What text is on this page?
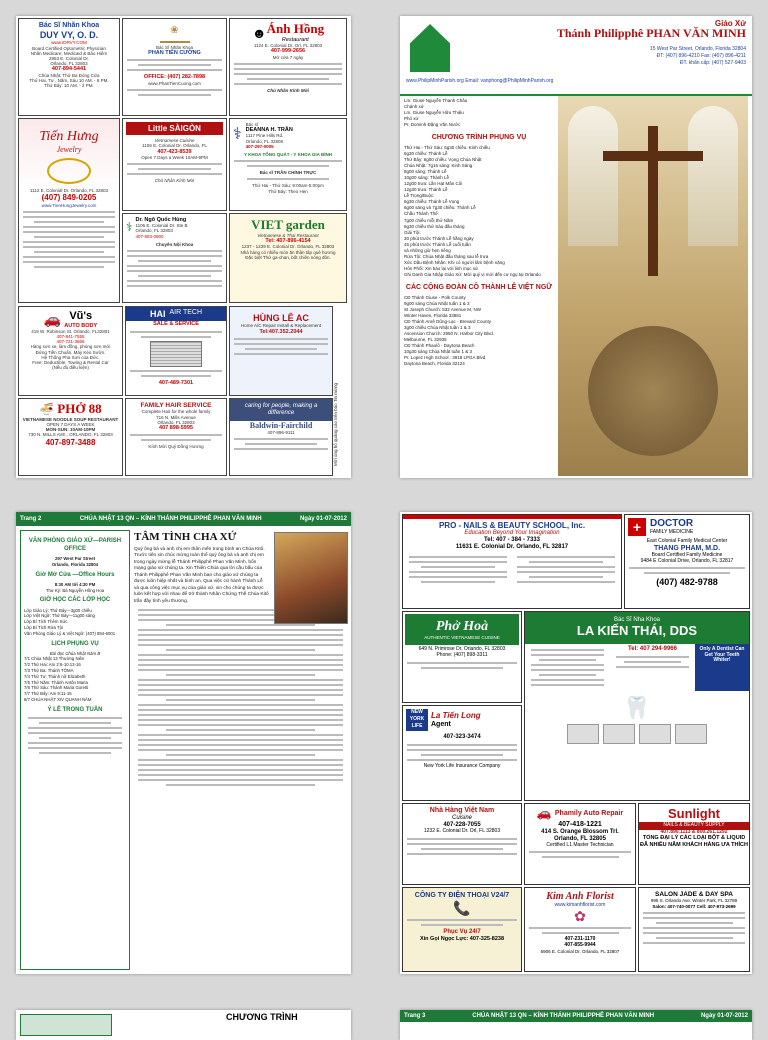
Bác Sĩ Nhãn Khoa
DUY VY, O. D.
www.IDRVY.COM
Board Certified Optometric Physician
Nhãn Medicare, Medicaid & Bảo Hiểm
2953 E. Colonial Dr.
Orlando, FL 32803
407-894-5441
Chủa Nhật, Thứ Ba Đóng Cửa
Thứ Hai, Tư , Năm, Sáu 10 AM. - 6 PM.
Thứ Bảy: 10 AM. - 2 PM.
❀
Bác Sĩ Nhãn Khoa
PHAN TIẾN CƯỜNG
OFFICE: (407) 282-7898
www.PhanTienCuong.com
☻ Ánh Hồng
Restaurant
1124 E. Colonial Dr. Orl, FL 32803
407-999-2656
Mở cửa 7 ngày
Chủ Nhân Kính Mời
Tiến Hưng
Jewelry
1112 E. Colonial Dr. Orlando, FL 32803
(407) 849-0205
www.TienHungJewelry.com
Little SÀIGÒN
Vietnamese Cuisine
1106 E. Colonial Dr. Orlando, FL
407-423-8539
Open 7 Days a Week 10AM-9PM
Chủ Nhân Kính Mời
⚕
Bác sĩ
DEANNA H. TRẦN
1117 Pine Hills Rd.
Orlando, FL 32808
407-297-0005
Y KHOA TỔNG QUÁT - Y KHOA GIA ĐÌNH
Bác sĩ TRẦN CHÍNH TRỰC
Thứ Hai - Thứ Sáu: 9:00am-5:00pm
Thứ Bảy: Theo Hẹn
⚕
Dr. Ngô Quốc Hùng
1106 E. Colonial Dr. Ste B
Orlando, FL 32803
407-893-0900
Chuyên Nội Khoa
VIET garden
Vietnamese & Thai Restaurant
Tel: 407-896-4154
1237 - 1239 E. Colonial Dr. Orlando, FL 32803
Nhà hàng có nhiều món ăn thân tâp quê hương
Đặc biệt Thứ ga-chan, bốt chiên nóng đôn.
🚗 Vũ's
AUTO BODY
419 W. Robinson St. Orlando, FL32801
407-841-7555
407-721-3666
Hàng sơn xe, làm đồng, phùng sơn mới
Đứng Tiền Chuẩn. Máy Kéo Sườn.
Hệ Thống Pha Sơn của Đức.
Free: Deductible, Towing & Rental Car
(Nếu đủ điều kiện)
HAI AIR TECH
SALE & SERVICE
407-489-7301
HÙNG LÊ AC
Home A/C Repair Install & Replacement
Tel:407.352.2044
🍜 PHỞ 88
VIETNAMESE NOODLE SOUP RESTAURANT
OPEN 7 DAYS A WEEK
MON-SUN: 10AM-10PM
730 N. MILLS AVE., ORLANDO, FL 32803
407-897-3488
FAMILY HAIR SERVICE
Complete Hair for the whole family
716 N. Mills Avenue
Orlando, FL 32803
407 898-5995
Kính Mời Quý Đồng Hương
caring for people, making a difference
Baldwin-Fairchild
407-896-9111	Mời ủng hộ quảng cáo trên báo Tin mừng
Giáo Xứ
Thánh Philipphê PHAN VĂN MINH
15 West Par Street, Orlando, Florida 32804
ĐT: (407) 896-4210 Fax: (407) 896-4211
ĐT. khẩn cấp: (407) 527-9403
www.PhilipMinhParish.org Email: vanphong@PhilipMinhParish.org
Lm. Giuse Nguyễn Thanh Châu
Chánh xứ
Lm. Giuse Nguyễn Hữu Thiệu
Phó xứ
Pr. Dominh Đặng Văn Nước
CHƯƠNG TRÌNH PHỤNG VỤ
Thứ Hai - Thứ Sáu: 6g30 chiều: Kinh chiều
6g30 chiều: Thánh Lễ
Thứ Bảy: 6g00 chiều: Vọng Chúa Nhật
Chúa Nhật: 7g15 sáng: Kinh Sáng
8g00 sáng: Thánh Lễ
10g00 sáng: Thánh Lễ
12g00 trưa: Lần Hạt Mân Côi
12g30 trưa: Thánh Lễ
Lễ Trọng/Buộc:
6g30 chiều: Thánh Lễ Vọng
6g00 sáng và 7g30 chiều: Thánh Lễ
Chầu Thánh Thể:
7g00 chiều mỗi thứ Năm
6g30 chiều thứ Sáu đầu tháng
Giải Tội:
30 phút trước Thánh Lễ hằng ngày
45 phút trước Thánh Lễ cuối tuần
và những giờ hẹn riêng
Rửa Tội: Chúa Nhật đầu tháng sau lễ trưa
Xức Dầu Bệnh Nhân: Khi có người lâm bệnh nặng
Hôn Phối: Xin báo lại với linh mục xứ
Ghi Danh Gia Nhập Giáo Xứ: Mời quý vị mới đến cư ngụ tại Orlando
CÁC CỘNG ĐOÀN CÔ THÀNH LỄ VIỆT NGỮ
CĐ Thánh Giuse - Polk County
9g00 sáng Chúa Nhật tuần 1 & 3
St Joseph Church: 532 Avenue M, NW
Winter Haven, Florida 33881
CĐ Thánh Anrê Dũng-Lạc - Brevard County
3g00 chiều Chúa Nhật tuần 1 & 3
Ascension Church: 2950 N. Harbor City Blvd.
Melbourne, FL 32935
CĐ Thánh Phaolô - Daytona Beach
10g30 sáng Chúa Nhật tuần 1 & 3
Pr. Lopez High School : 3918 LPGA Blvd.
Daytona Beach, Florida 32124
Trang 2	CHÚA NHẬT 13 QN – KÍNH THÁNH PHILIPPHÊ PHAN VĂN MINH	Ngày 01-07-2012
VĂN PHÒNG GIÁO XỨ—PARISH OFFICE
297 West Par Street
Orlando, Florida 32804
Giờ Mở Cửa —Office Hours
8:30 AM tới 4:30 PM
Thư Ký: Bà Nguyễn Hồng Hoa
GIỜ HỌC CÁC LỚP HỌC
Lớp Giáo Lý: Thứ Bảy—3g00 chiều
Lớp Việt Ngữ: Thứ Bảy—11g00 sáng
Lớp Bí Tích Thêm Sức
Lớp Bí Tích Rửa Tội
Văn Phòng Giáo Lý & Việt Ngữ: (407) 894-6001
LỊCH PHỤNG VỤ
Bài đọc Chúa Nhật Năm B
7/1 Chúa Nhật 13 Thường Niên
7/2 Thứ Hai: Am 2:6-10.13-16
7/3 Thứ Ba: Thánh TÔMA
7/4 Thứ Tư: Thánh nữ Elizabeth
7/5 Thứ Năm: Thánh Antôn Maria
7/6 Thứ Sáu: Thánh Maria Goretti
7/7 Thứ Bảy: Am 9:11-15
8/7 CHÚA NHẬT XIV QUANH NĂM
Ý LỄ TRONG TUẦN
TÂM TÌNH CHA XỨ
Quý ông bà và anh chị em thân mến trong bình an Chúa Kitô. Trước tiên xin chúc mừng toàn thể quý ông bà và anh chị em trong ngày mừng lễ Thánh Philipphê Phan Văn Minh, bổn mạng giáo xứ chúng ta. Xin Thiên Chúa qua lời cầu bầu của Thánh Philipphê Phan Văn Minh ban cho giáo xứ chúng ta được luôn hiệp nhất và bình an. Qua việc cử hành Thánh Lễ và qua công việc mục vụ của giáo xứ, xin cho chúng ta được luôn kết hợp với nhau để trở thành Nhân Chứng Thế Chúa Kitô trần đầy tình yêu thương.
PRO - NAILS & BEAUTY SCHOOL, Inc.
Education Beyond Your Imagination
Tel: 407 - 384 - 7333
11631 E. Colonial Dr. Orlando, FL 32817
+ DOCTOR
FAMILY MEDICINE
East Colonial Family Medical Center
THANG PHAM, M.D.
Board Certified Family Medicine
9484 E Colonial Drive, Orlando, FL 32817
(407) 482-9788
Phở Hoà
AUTHENTIC VIETNAMESE CUISINE
649 N. Primrose Dr. Orlando, FL 32803
Phone: (407) 898-3311
Bác Sĩ Nha Khoa
LA KIẾN THÁI, DDS
Tel: 407 294-9966	Only A Dentist Can Get Your Teeth Whiter!
🦷
NEW YORK LIFE
La Tiến Long
Agent
407-323-3474
New York Life Insurance Company
Nhà Hàng Việt Nam
Cuisine
407-228-7055
1232 E. Colonial Dr. Orl, FL 32803
🚗 Phamily Auto Repair
407-418-1221
414 S. Orange Blossom Trl.
Orlando, FL 32805
Certified L1 Master Technician
Sunlight
NAILS & BEAUTY SUPPLY
407.890.1113 & 800.261.1292
TỔNG ĐẠI LÝ CÁC LOẠI BỘT & LIQUID ĐÃ NHIỀU NĂM KHÁCH HÀNG ƯA THÍCH
CÔNG TY ĐIỆN THOẠI V24/7
📞
Phục Vụ 24/7
Xin Gọi Ngọc Lực: 407-325-8238
Kim Anh Florist
www.kimanhflorist.com
✿
407-231-1170
407-855-9944
5906 E. Colonial Dr. Orlando, FL 32807
SALON JADE & DAY SPA
995 S. Orlando Ave. Winter Park, FL 32789
Salon: 407-740-0077 Cell: 407-973-2699
CHƯƠNG TRÌNH	Trang 3	CHÚA NHẬT 13 QN – KÍNH THÁNH PHILIPPHÊ PHAN VĂN MINH	Ngày 01-07-2012
